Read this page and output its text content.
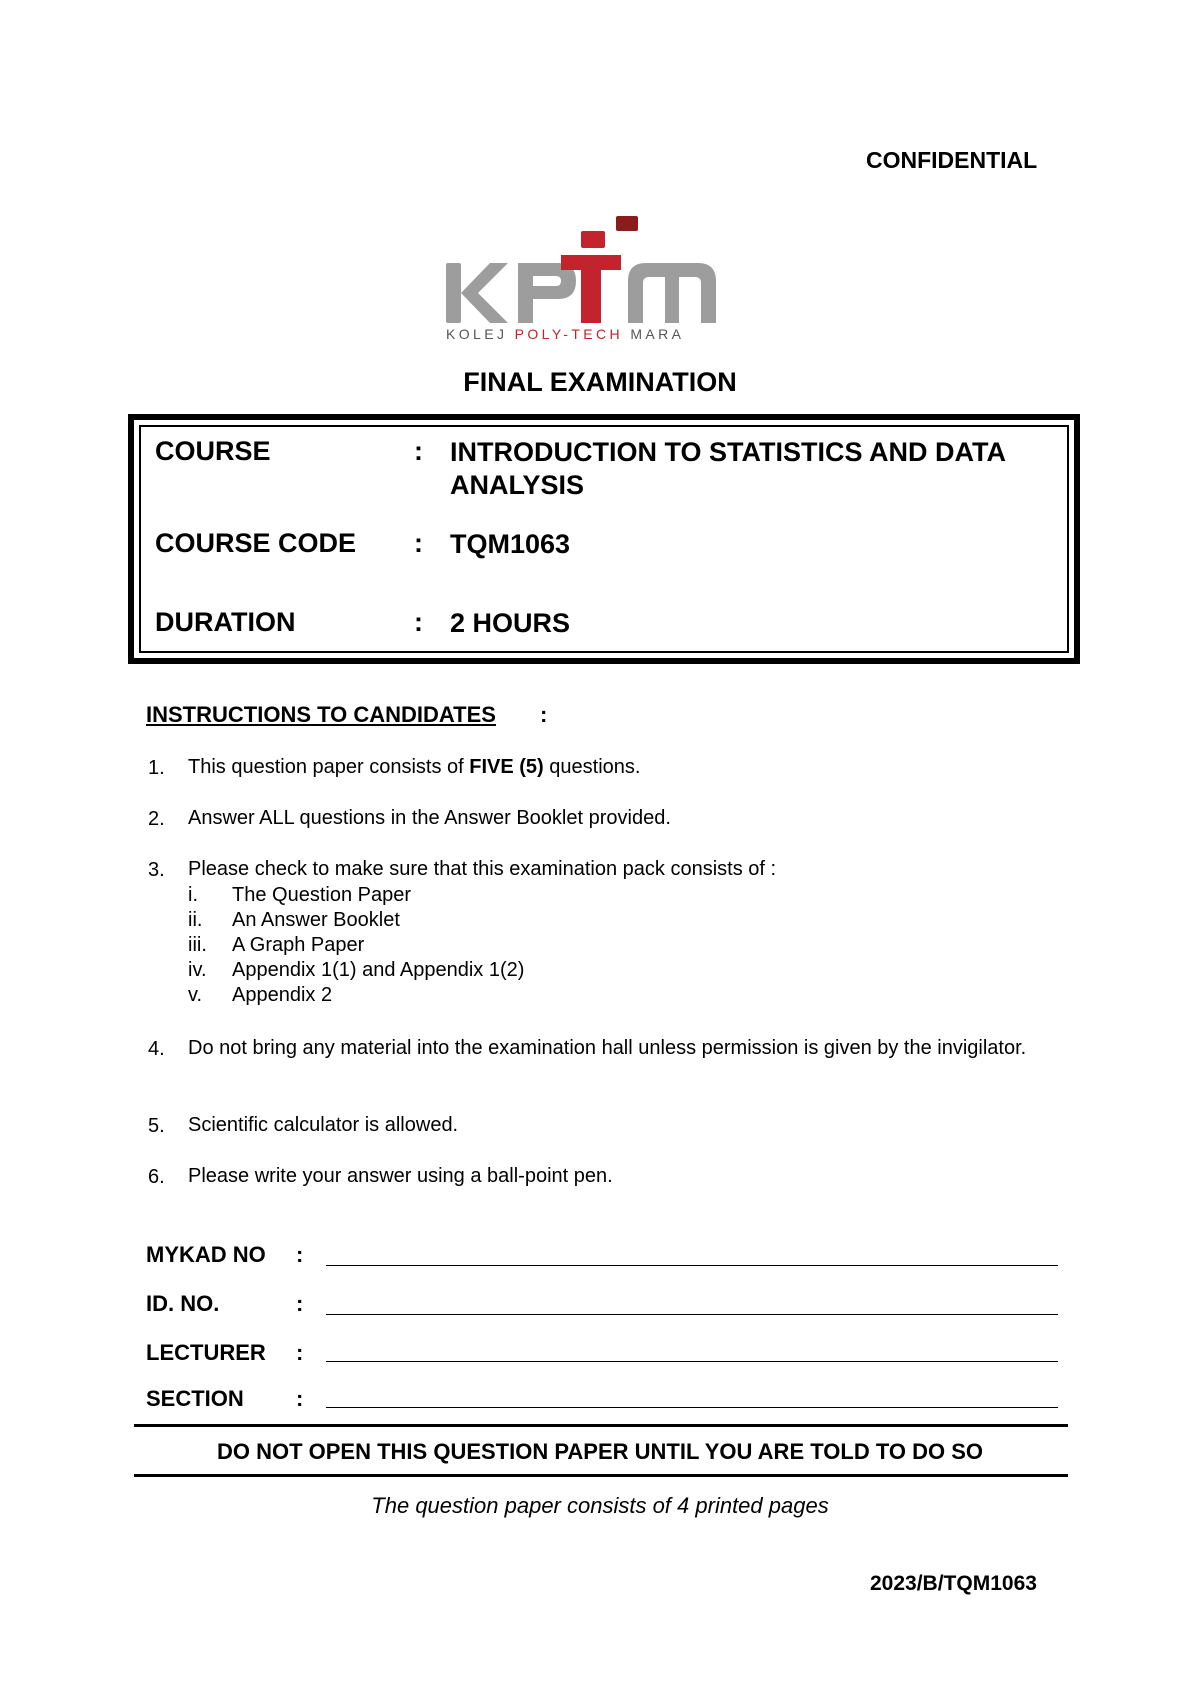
CONFIDENTIAL
KOLEJ POLY-TECH MARA
FINAL EXAMINATION
COURSE	: INTRODUCTION TO STATISTICS AND DATA ANALYSIS
COURSE CODE : TQM1063
DURATION	: 2 HOURS
INSTRUCTIONS TO CANDIDATES :
1. This question paper consists of FIVE (5) questions.
2. Answer ALL questions in the Answer Booklet provided.
3. Please check to make sure that this examination pack consists of :
i. The Question Paper
ii. An Answer Booklet
iii. A Graph Paper
iv. Appendix 1(1) and Appendix 1(2)
v. Appendix 2
4. Do not bring any material into the examination hall unless permission is given by the invigilator.
5. Scientific calculator is allowed.
6. Please write your answer using a ball-point pen.
MYKAD NO :
ID. NO.	:
LECTURER :
SECTION :
DO NOT OPEN THIS QUESTION PAPER UNTIL YOU ARE TOLD TO DO SO
The question paper consists of 4 printed pages
2023/B/TQM1063
